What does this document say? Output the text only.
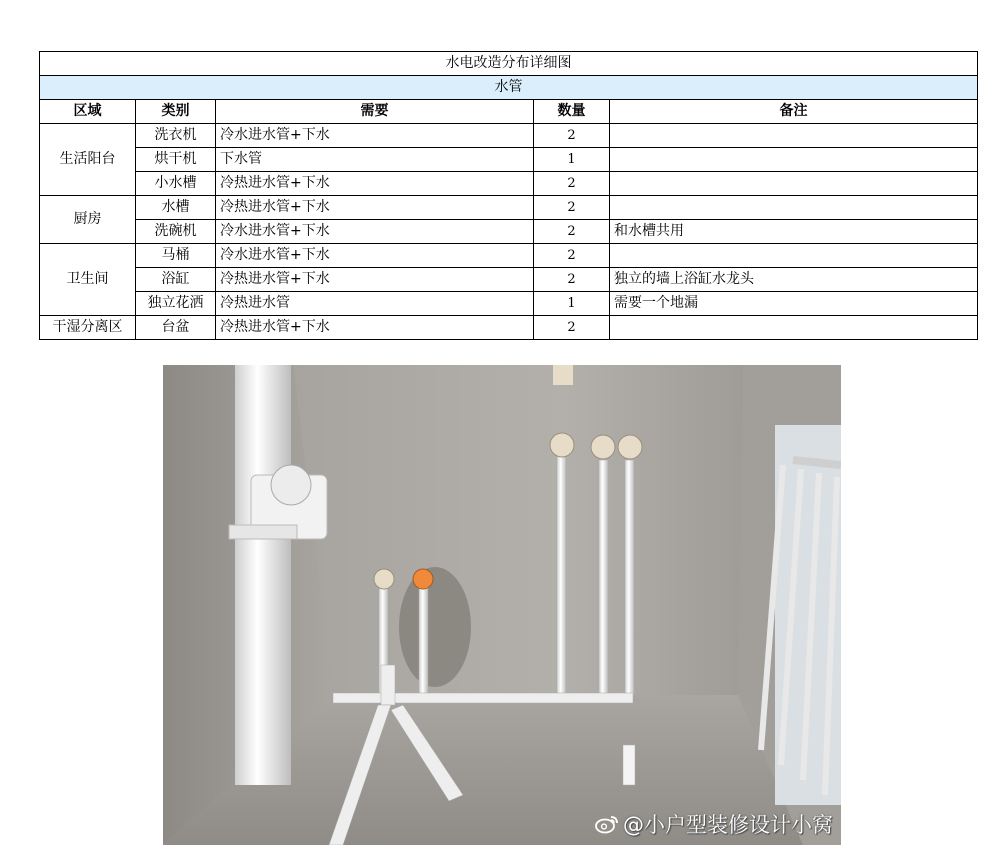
水电改造分布详细图				
水管				
区域	类别	需要	数量	备注
生活阳台	洗衣机	冷水进水管+下水	2	
	烘干机	下水管	1	
	小水槽	冷热进水管+下水	2	
厨房	水槽	冷热进水管+下水	2	
	洗碗机	冷水进水管+下水	2	和水槽共用
卫生间	马桶	冷水进水管+下水	2	
	浴缸	冷热进水管+下水	2	独立的墙上浴缸水龙头
	独立花洒	冷热进水管	1	需要一个地漏
干湿分离区	台盆	冷热进水管+下水	2	
@小户型装修设计小窝
